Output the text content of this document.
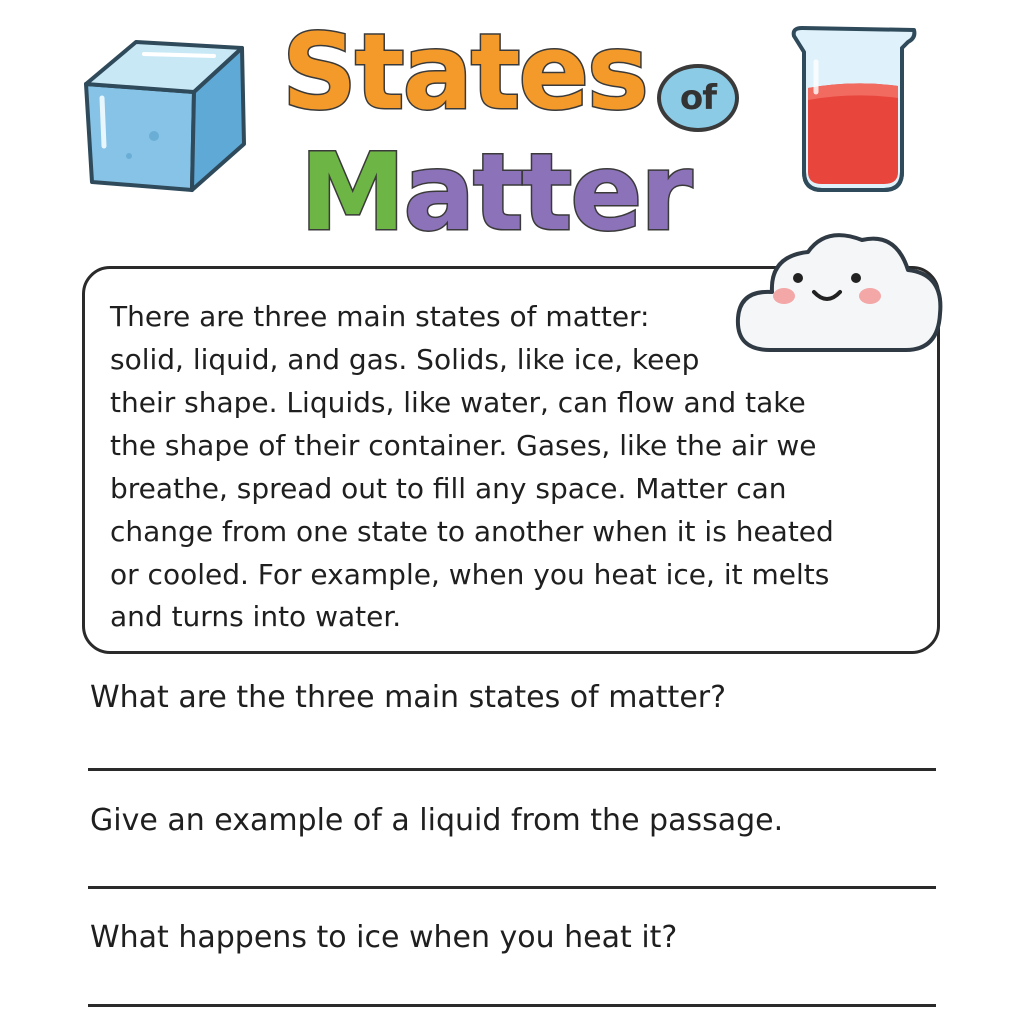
States of
Matter
There are three main states of matter:
solid, liquid, and gas. Solids, like ice, keep
their shape. Liquids, like water, can flow and take
the shape of their container. Gases, like the air we
breathe, spread out to fill any space. Matter can
change from one state to another when it is heated
or cooled. For example, when you heat ice, it melts
and turns into water.
What are the three main states of matter?
Give an example of a liquid from the passage.
What happens to ice when you heat it?
